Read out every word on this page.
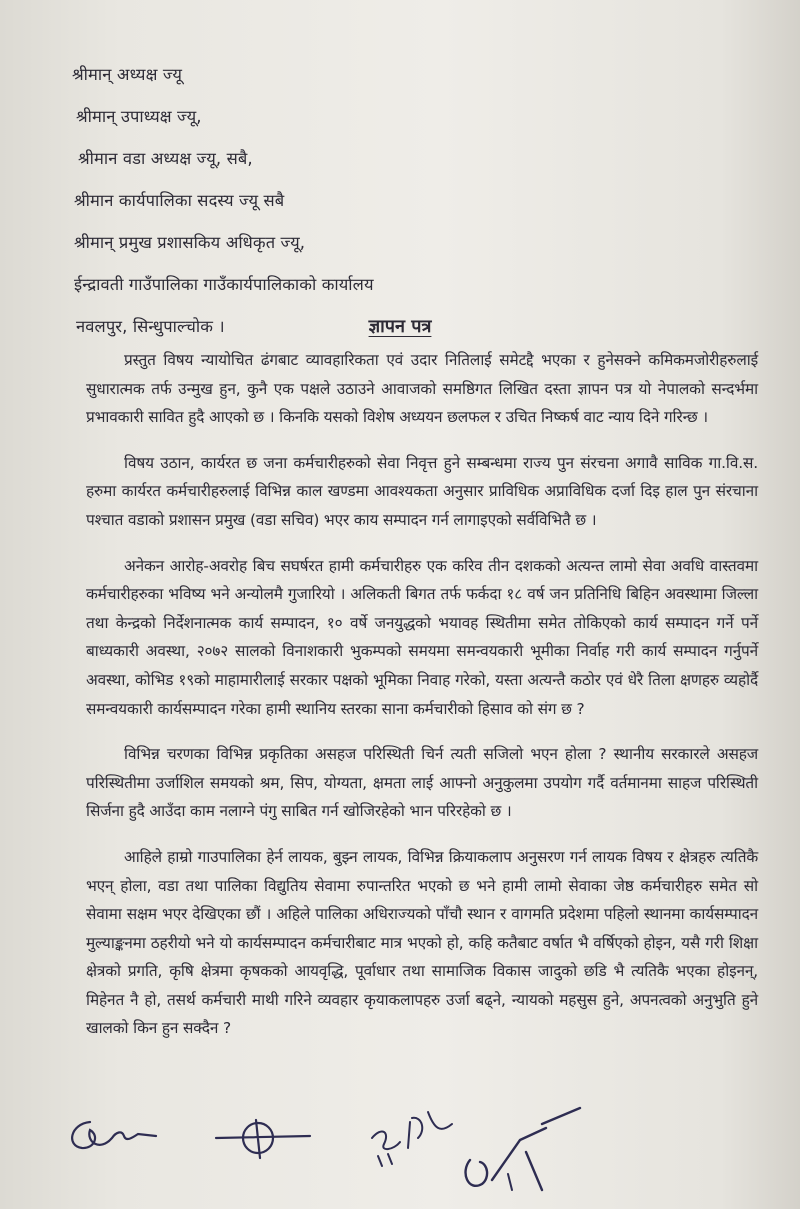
श्रीमान् अध्यक्ष ज्यू
श्रीमान् उपाध्यक्ष ज्यू,
श्रीमान वडा अध्यक्ष ज्यू, सबै,
श्रीमान कार्यपालिका सदस्य ज्यू सबै
श्रीमान् प्रमुख प्रशासकिय अधिकृत ज्यू,
ईन्द्रावती गाउँपालिका गाउँकार्यपालिकाको कार्यालय
नवलपुर, सिन्धुपाल्चोक ।	ज्ञापन पत्र

प्रस्तुत विषय न्यायोचित ढंगबाट व्यावहारिकता एवं उदार नितिलाई समेटद्दै भएका र हुनेसक्ने कमिकमजोरीहरुलाई सुधारात्मक तर्फ उन्मुख हुन, कुनै एक पक्षले उठाउने आवाजको समष्ठिगत लिखित दस्ता ज्ञापन पत्र यो नेपालको सन्दर्भमा प्रभावकारी सावित हुदै आएको छ । किनकि यसको विशेष अध्ययन छलफल र उचित निष्कर्ष वाट न्याय दिने गरिन्छ ।

विषय उठान, कार्यरत छ जना कर्मचारीहरुको सेवा निवृत्त हुने सम्बन्धमा राज्य पुन संरचना अगावै साविक गा.वि.स. हरुमा कार्यरत कर्मचारीहरुलाई विभिन्न काल खण्डमा आवश्यकता अनुसार प्राविधिक अप्राविधिक दर्जा दिइ हाल पुन संरचाना पश्चात वडाको प्रशासन प्रमुख (वडा सचिव) भएर काय सम्पादन गर्न लागाइएको सर्वविभितै छ ।

अनेकन आरोह-अवरोह बिच सघर्षरत हामी कर्मचारीहरु एक करिव तीन दशकको अत्यन्त लामो सेवा अवधि वास्तवमा कर्मचारीहरुका भविष्य भने अन्योलमै गुजारियो । अलिकती बिगत तर्फ फर्कदा १८ वर्ष जन प्रतिनिधि बिहिन अवस्थामा जिल्ला तथा केन्द्रको निर्देशनात्मक कार्य सम्पादन, १० वर्षे जनयुद्धको भयावह स्थितीमा समेत तोकिएको कार्य सम्पादन गर्ने पर्ने बाध्यकारी अवस्था, २०७२ सालको विनाशकारी भुकम्पको समयमा समन्वयकारी भूमीका निर्वाह गरी कार्य सम्पादन गर्नुपर्ने अवस्था, कोभिड १९को माहामारीलाई सरकार पक्षको भूमिका निवाह गरेको, यस्ता अत्यन्तै कठोर एवं धेरै तिला क्षणहरु व्यहोर्दै समन्वयकारी कार्यसम्पादन गरेका हामी स्थानिय स्तरका साना कर्मचारीको हिसाव को संग छ ?

विभिन्न चरणका विभिन्न प्रकृतिका असहज परिस्थिती चिर्न त्यती सजिलो भएन होला ? स्थानीय सरकारले असहज परिस्थितीमा उर्जाशिल समयको श्रम, सिप, योग्यता, क्षमता लाई आफ्नो अनुकुलमा उपयोग गर्दै वर्तमानमा साहज परिस्थिती सिर्जना हुदै आउँदा काम नलाग्ने पंगु साबित गर्न खोजिरहेको भान परिरहेको छ ।

आहिले हाम्रो गाउपालिका हेर्न लायक, बुझ्न लायक, विभिन्न क्रियाकलाप अनुसरण गर्न लायक विषय र क्षेत्रहरु त्यतिकै भएन् होला, वडा तथा पालिका विद्युतिय सेवामा रुपान्तरित भएको छ भने हामी लामो सेवाका जेष्ठ कर्मचारीहरु समेत सो सेवामा सक्षम भएर देखिएका छौं । अहिले पालिका अधिराज्यको पाँचौ स्थान र वागमति प्रदेशमा पहिलो स्थानमा कार्यसम्पादन मुल्याङ्कनमा ठहरीयो भने यो कार्यसम्पादन कर्मचारीबाट मात्र भएको हो, कहि कतैबाट वर्षात भै वर्षिएको होइन, यसै गरी शिक्षा क्षेत्रको प्रगति, कृषि क्षेत्रमा कृषकको आयवृद्धि, पूर्वाधार तथा सामाजिक विकास जादुको छडि भै त्यतिकै भएका होइनन्, मिहेनत नै हो, तसर्थ कर्मचारी माथी गरिने व्यवहार कृयाकलापहरु उर्जा बढ्ने, न्यायको महसुस हुने, अपनत्वको अनुभुति हुने खालको किन हुन सक्दैन ?
